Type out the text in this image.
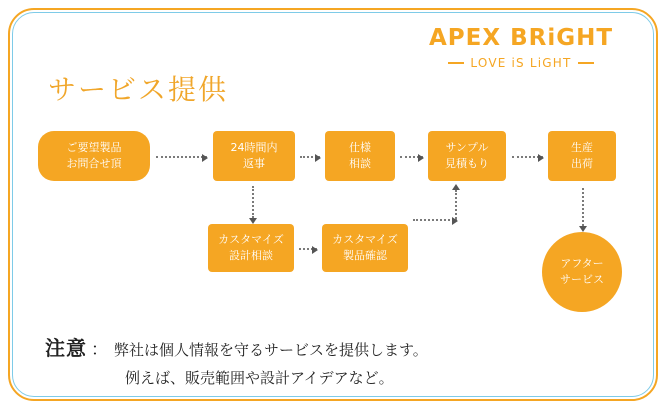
APEX BRiGHT
LOVE iS LiGHT
サービス提供
ご要望製品
お問合せ頂
24時間内
返事
仕様
相談
サンプル
見積もり
生産
出荷
カスタマイズ
設計相談
カスタマイズ
製品確認
アフター
サービス
注意 ： 弊社は個人情報を守るサービスを提供します。
例えば、販売範囲や設計アイデアなど。
